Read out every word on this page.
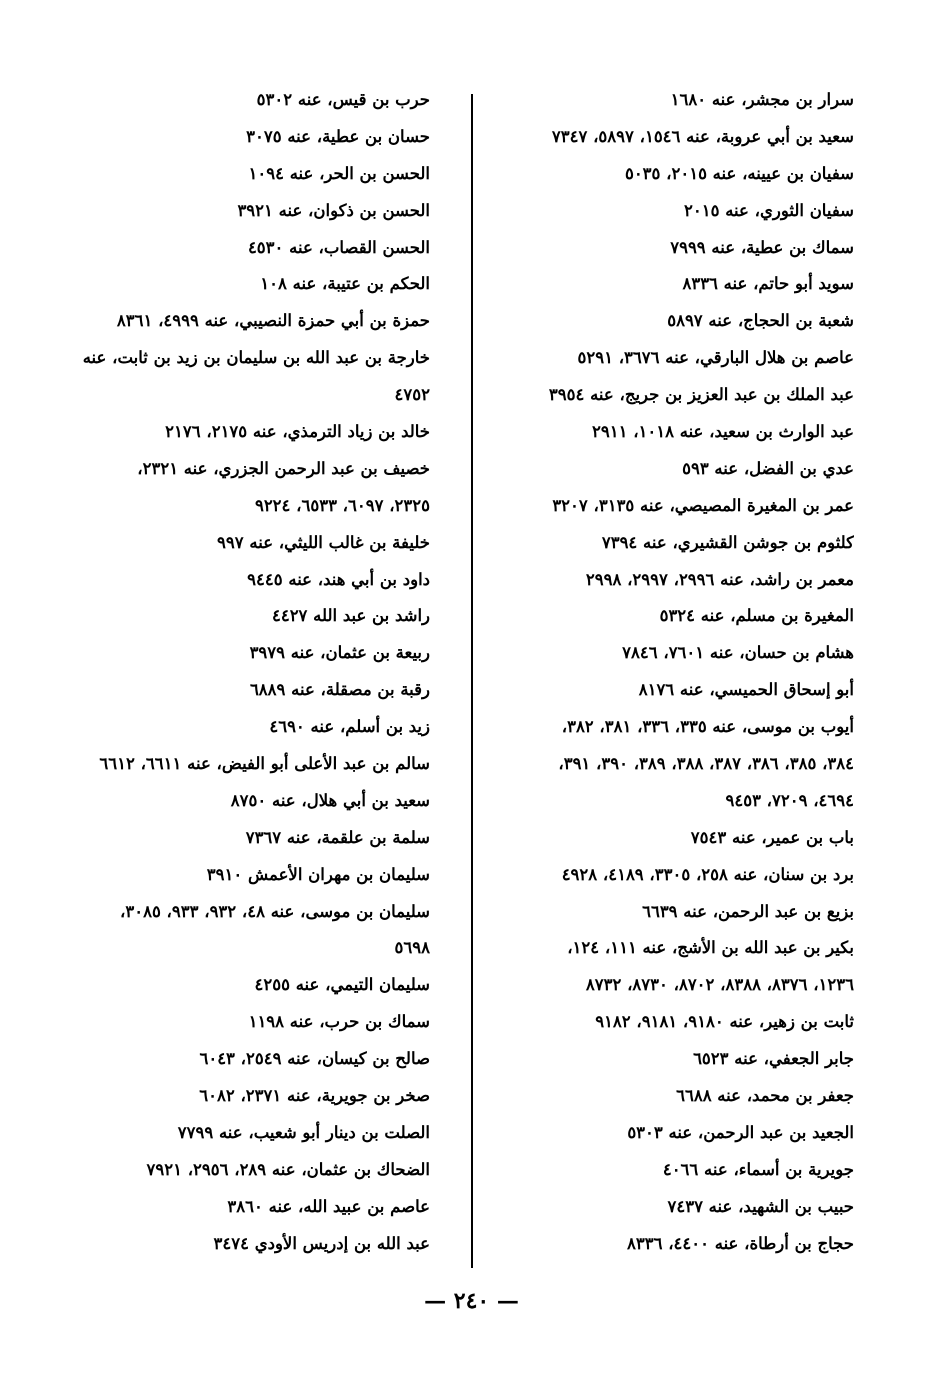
سرار بن مجشر، عنه ١٦٨٠
سعيد بن أبي عروبة، عنه ١٥٤٦، ٥٨٩٧، ٧٣٤٧
سفيان بن عيينه، عنه ٢٠١٥، ٥٠٣٥
سفيان الثوري، عنه ٢٠١٥
سماك بن عطية، عنه ٧٩٩٩
سويد أبو حاتم، عنه ٨٣٣٦
شعبة بن الحجاج، عنه ٥٨٩٧
عاصم بن هلال البارقي، عنه ٣٦٧٦، ٥٢٩١
عبد الملك بن عبد العزيز بن جريج، عنه ٣٩٥٤
عبد الوارث بن سعيد، عنه ١٠١٨، ٢٩١١
عدي بن الفضل، عنه ٥٩٣
عمر بن المغيرة المصيصي، عنه ٣١٣٥، ٣٢٠٧
كلثوم بن جوشن القشيري، عنه ٧٣٩٤
معمر بن راشد، عنه ٢٩٩٦، ٢٩٩٧، ٢٩٩٨
المغيرة بن مسلم، عنه ٥٣٢٤
هشام بن حسان، عنه ٧٦٠١، ٧٨٤٦
أبو إسحاق الحميسي، عنه ٨١٧٦
أيوب بن موسى، عنه ٣٣٥، ٣٣٦، ٣٨١، ٣٨٢،
٣٨٤، ٣٨٥، ٣٨٦، ٣٨٧، ٣٨٨، ٣٨٩، ٣٩٠، ٣٩١،
٤٦٩٤، ٧٢٠٩، ٩٤٥٣
باب بن عمير، عنه ٧٥٤٣
برد بن سنان، عنه ٢٥٨، ٣٣٠٥، ٤١٨٩، ٤٩٢٨
بزيع بن عبد الرحمن، عنه ٦٦٣٩
بكير بن عبد الله بن الأشج، عنه ١١١، ١٢٤،
١٢٣٦، ٨٣٧٦، ٨٣٨٨، ٨٧٠٢، ٨٧٣٠، ٨٧٣٢
ثابت بن زهير، عنه ٩١٨٠، ٩١٨١، ٩١٨٢
جابر الجعفي، عنه ٦٥٢٣
جعفر بن محمد، عنه ٦٦٨٨
الجعيد بن عبد الرحمن، عنه ٥٣٠٣
جويرية بن أسماء، عنه ٤٠٦٦
حبيب بن الشهيد، عنه ٧٤٣٧
حجاج بن أرطاة، عنه ٤٤٠٠، ٨٣٣٦
حرب بن قيس، عنه ٥٣٠٢
حسان بن عطية، عنه ٣٠٧٥
الحسن بن الحر، عنه ١٠٩٤
الحسن بن ذكوان، عنه ٣٩٢١
الحسن القصاب، عنه ٤٥٣٠
الحكم بن عتيبة، عنه ١٠٨
حمزة بن أبي حمزة النصيبي، عنه ٤٩٩٩، ٨٣٦١
خارجة بن عبد الله بن سليمان بن زيد بن ثابت، عنه
٤٧٥٢
خالد بن زياد الترمذي، عنه ٢١٧٥، ٢١٧٦
خصيف بن عبد الرحمن الجزري، عنه ٢٣٢١،
٢٣٢٥، ٦٠٩٧، ٦٥٣٣، ٩٢٢٤
خليفة بن غالب الليثي، عنه ٩٩٧
داود بن أبي هند، عنه ٩٤٤٥
راشد بن عبد الله ٤٤٢٧
ربيعة بن عثمان، عنه ٣٩٧٩
رقبة بن مصقلة، عنه ٦٨٨٩
زيد بن أسلم، عنه ٤٦٩٠
سالم بن عبد الأعلى أبو الفيض، عنه ٦٦١١، ٦٦١٢
سعيد بن أبي هلال، عنه ٨٧٥٠
سلمة بن علقمة، عنه ٧٣٦٧
سليمان بن مهران الأعمش ٣٩١٠
سليمان بن موسى، عنه ٤٨، ٩٣٢، ٩٣٣، ٣٠٨٥،
٥٦٩٨
سليمان التيمي، عنه ٤٢٥٥
سماك بن حرب، عنه ١١٩٨
صالح بن كيسان، عنه ٢٥٤٩، ٦٠٤٣
صخر بن جويرية، عنه ٢٣٧١، ٦٠٨٢
الصلت بن دينار أبو شعيب، عنه ٧٧٩٩
الضحاك بن عثمان، عنه ٢٨٩، ٢٩٥٦، ٧٩٢١
عاصم بن عبيد الله، عنه ٣٨٦٠
عبد الله بن إدريس الأودي ٣٤٧٤
— ٢٤٠ —
